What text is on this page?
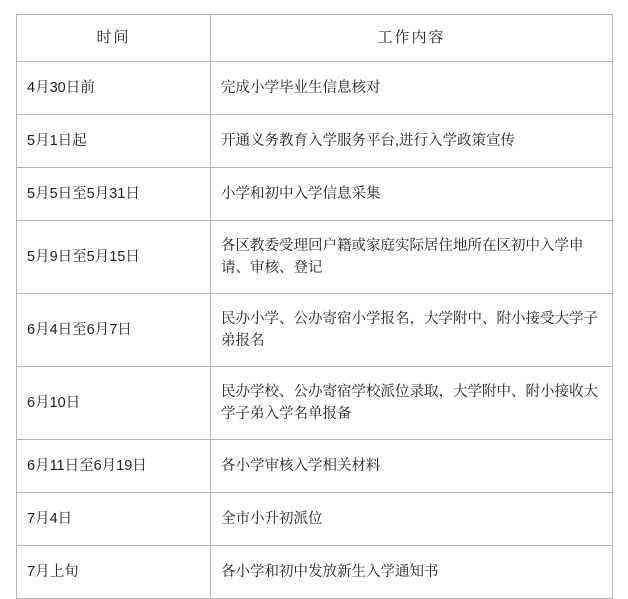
时间	工作内容
4月30日前	完成小学毕业生信息核对
5月1日起	开通义务教育入学服务平台,进行入学政策宣传
5月5日至5月31日	小学和初中入学信息采集
5月9日至5月15日	各区教委受理回户籍或家庭实际居住地所在区初中入学申请、审核、登记
6月4日至6月7日	民办小学、公办寄宿小学报名，大学附中、附小接受大学子弟报名
6月10日	民办学校、公办寄宿学校派位录取，大学附中、附小接收大学子弟入学名单报备
6月11日至6月19日	各小学审核入学相关材料
7月4日	全市小升初派位
7月上旬	各小学和初中发放新生入学通知书
